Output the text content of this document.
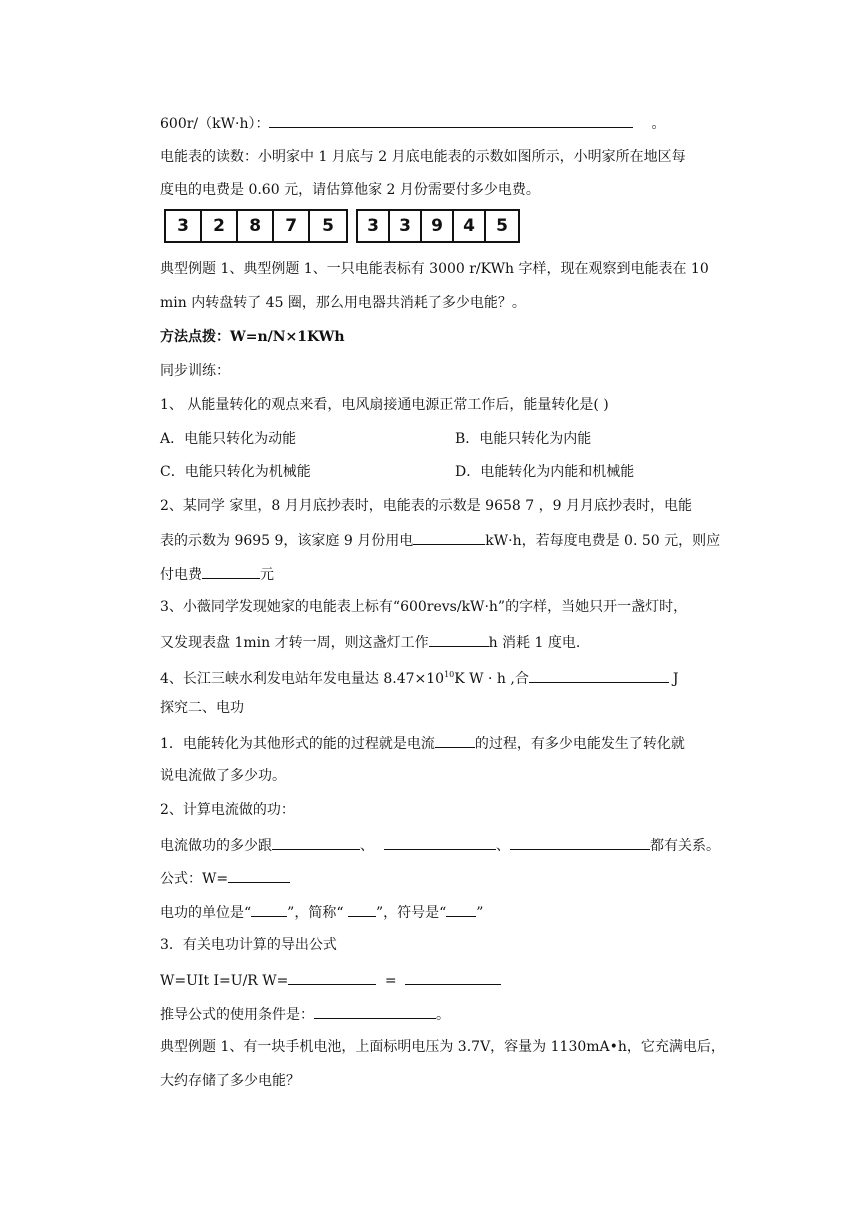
600r/（kW·h）：	。
电能表的读数：小明家中 1 月底与 2 月底电能表的示数如图所示，小明家所在地区每
度电的电费是 0.60 元，请估算他家 2 月份需要付多少电费。
3	2	8	7	5	3	3	9	4	5
典型例题 1、典型例题 1、一只电能表标有 3000 r/KWh 字样，现在观察到电能表在 10
min 内转盘转了 45 圈，那么用电器共消耗了多少电能？。
方法点拨：W=n/N×1KWh
同步训练：
1、 从能量转化的观点来看，电风扇接通电源正常工作后，能量转化是( )
A．电能只转化为动能	B．电能只转化为内能
C．电能只转化为机械能	D．电能转化为内能和机械能
2、某同学 家里，8 月月底抄表时，电能表的示数是 9658 7 ，9 月月底抄表时，电能
表的示数为 9695 9，该家庭 9 月份用电	kW·h，若每度电费是 0. 50 元，则应
付电费	元
3、小薇同学发现她家的电能表上标有“600revs/kW·h”的字样，当她只开一盏灯时，
又发现表盘 1min 才转一周，则这盏灯工作	h 消耗 1 度电.
4、长江三峡水利发电站年发电量达 $8.47\times 10^{10}K$ W · h ,合	J
探究二、电功
1．电能转化为其他形式的能的过程就是电流	的过程，有多少电能发生了转化就
说电流做了多少功。
2、计算电流做的功：
电流做功的多少跟	、	、	都有关系。
公式：W=
电功的单位是“	”，简称“ ”，符号是“ ”
3．有关电功计算的导出公式
W=UIt I=U/R W=	=
推导公式的使用条件是：	。
典型例题 1、有一块手机电池，上面标明电压为 3.7V，容量为 1130mA•h，它充满电后，
大约存储了多少电能？
